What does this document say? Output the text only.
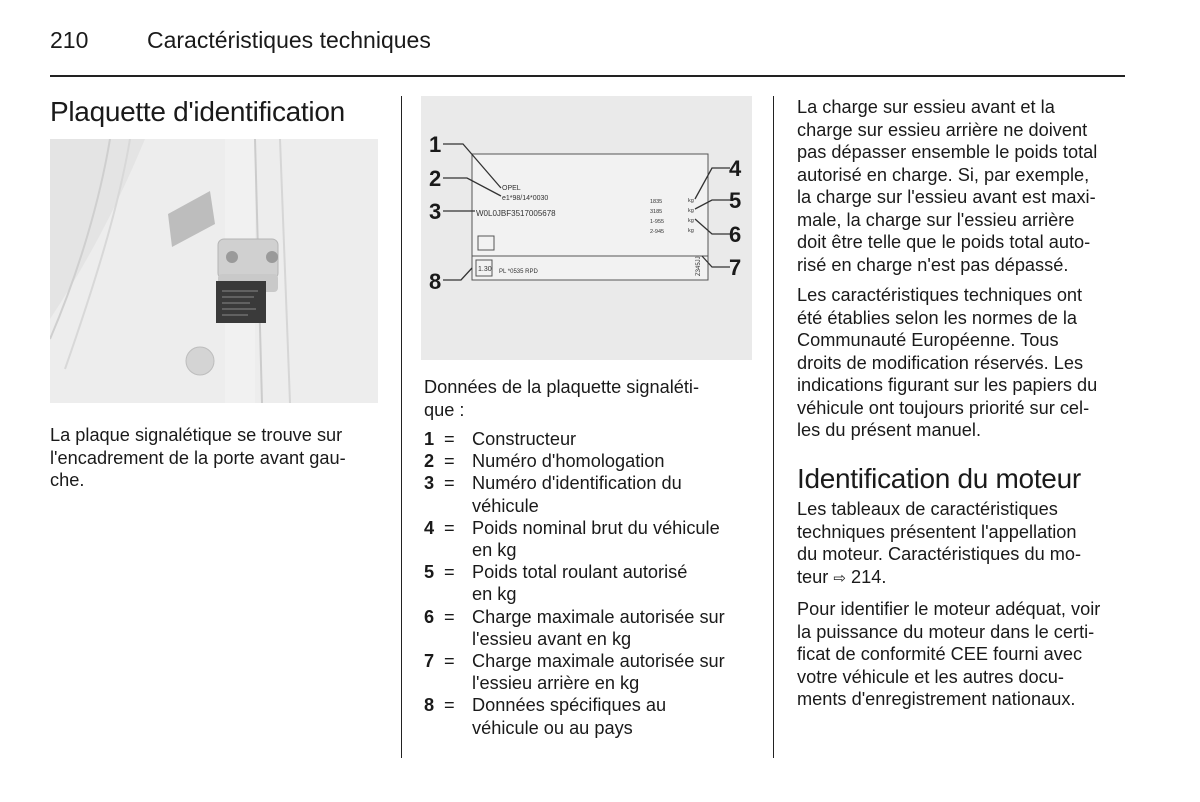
210	Caractéristiques techniques
Plaquette d'identification

La plaque signalétique se trouve sur

l'encadrement de la porte avant gau-

che.

1.30 PL *0535 RPD	Z345JJ
OPEL
e1*98/14*0030
W0L0JBF3517005678
1835
3185
1-955
2-945
kg
kg
kg
kg
1
2
3
4
5
6
7
8
Données de la plaquette signaléti-
que :
1 = Constructeur
2 = Numéro d'homologation
3 = Numéro d'identification du
véhicule
4 = Poids nominal brut du véhicule
en kg
5 = Poids total roulant autorisé
en kg
6 = Charge maximale autorisée sur
l'essieu avant en kg
7 = Charge maximale autorisée sur
l'essieu arrière en kg
8 = Données spécifiques au
véhicule ou au pays

La charge sur essieu avant et la

charge sur essieu arrière ne doivent

pas dépasser ensemble le poids total

autorisé en charge. Si, par exemple,

la charge sur l'essieu avant est maxi-

male, la charge sur l'essieu arrière

doit être telle que le poids total auto-

risé en charge n'est pas dépassé.

Les caractéristiques techniques ont

été établies selon les normes de la

Communauté Européenne. Tous

droits de modification réservés. Les

indications figurant sur les papiers du

véhicule ont toujours priorité sur cel-

les du présent manuel.

Identification du moteur

Les tableaux de caractéristiques

techniques présentent l'appellation

du moteur. Caractéristiques du mo-

teur ⇨ 214.

Pour identifier le moteur adéquat, voir

la puissance du moteur dans le certi-

ficat de conformité CEE fourni avec

votre véhicule et les autres docu-

ments d'enregistrement nationaux.
